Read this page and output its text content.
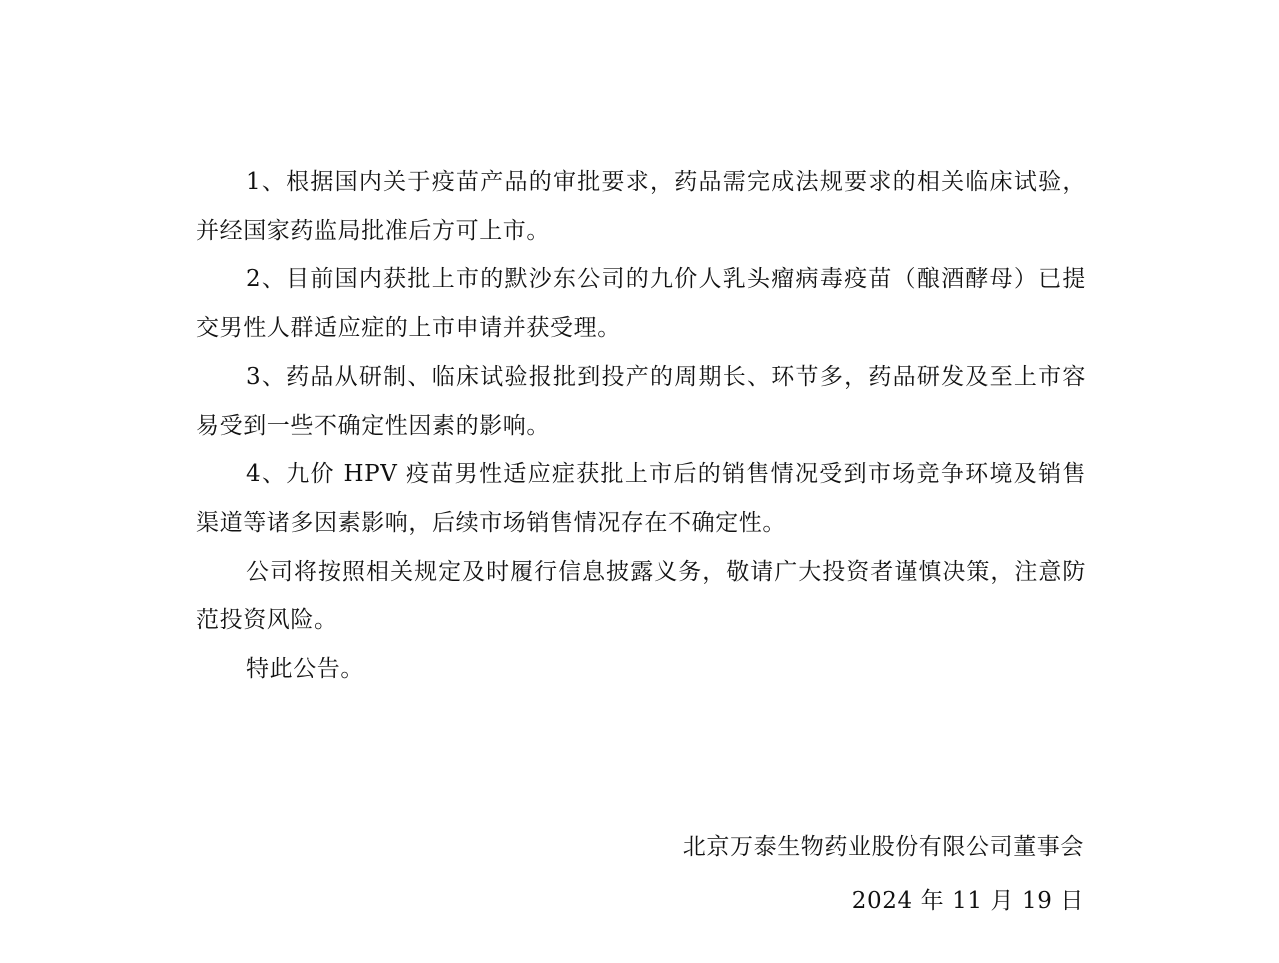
1、根据国内关于疫苗产品的审批要求，药品需完成法规要求的相关临床试验，并经国家药监局批准后方可上市。

2、目前国内获批上市的默沙东公司的九价人乳头瘤病毒疫苗（酿酒酵母）已提交男性人群适应症的上市申请并获受理。

3、药品从研制、临床试验报批到投产的周期长、环节多，药品研发及至上市容易受到一些不确定性因素的影响。

4、九价 HPV 疫苗男性适应症获批上市后的销售情况受到市场竞争环境及销售渠道等诸多因素影响，后续市场销售情况存在不确定性。

公司将按照相关规定及时履行信息披露义务，敬请广大投资者谨慎决策，注意防范投资风险。

特此公告。

北京万泰生物药业股份有限公司董事会
2024 年 11 月 19 日
